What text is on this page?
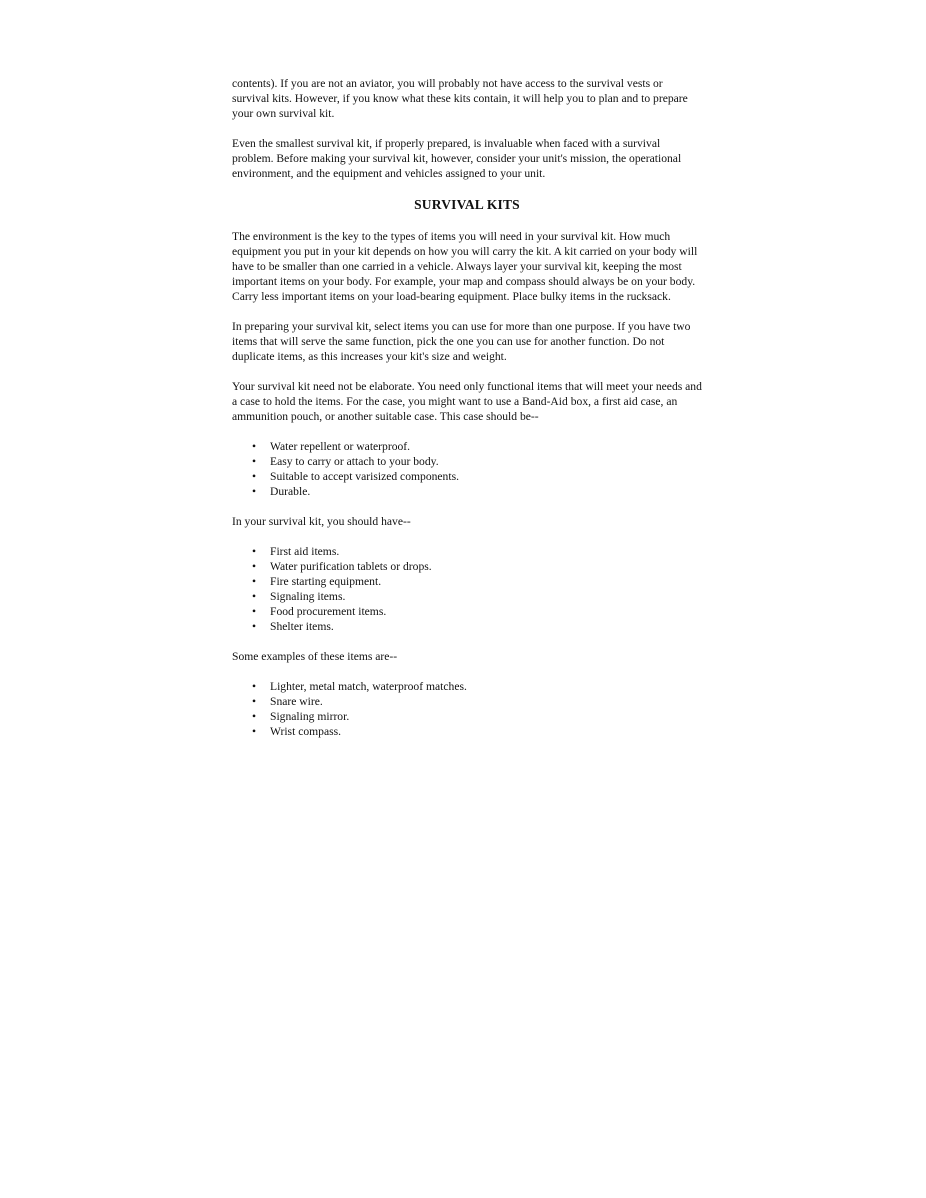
contents). If you are not an aviator, you will probably not have access to the survival vests or survival kits. However, if you know what these kits contain, it will help you to plan and to prepare your own survival kit.

Even the smallest survival kit, if properly prepared, is invaluable when faced with a survival problem. Before making your survival kit, however, consider your unit's mission, the operational environment, and the equipment and vehicles assigned to your unit.

SURVIVAL KITS

The environment is the key to the types of items you will need in your survival kit. How much equipment you put in your kit depends on how you will carry the kit. A kit carried on your body will have to be smaller than one carried in a vehicle. Always layer your survival kit, keeping the most important items on your body. For example, your map and compass should always be on your body. Carry less important items on your load-bearing equipment. Place bulky items in the rucksack.

In preparing your survival kit, select items you can use for more than one purpose. If you have two items that will serve the same function, pick the one you can use for another function. Do not duplicate items, as this increases your kit's size and weight.

Your survival kit need not be elaborate. You need only functional items that will meet your needs and a case to hold the items. For the case, you might want to use a Band-Aid box, a first aid case, an ammunition pouch, or another suitable case. This case should be--

• Water repellent or waterproof.
• Easy to carry or attach to your body.
• Suitable to accept varisized components.
• Durable.

In your survival kit, you should have--

• First aid items.
• Water purification tablets or drops.
• Fire starting equipment.
• Signaling items.
• Food procurement items.
• Shelter items.

Some examples of these items are--

• Lighter, metal match, waterproof matches.
• Snare wire.
• Signaling mirror.
• Wrist compass.
